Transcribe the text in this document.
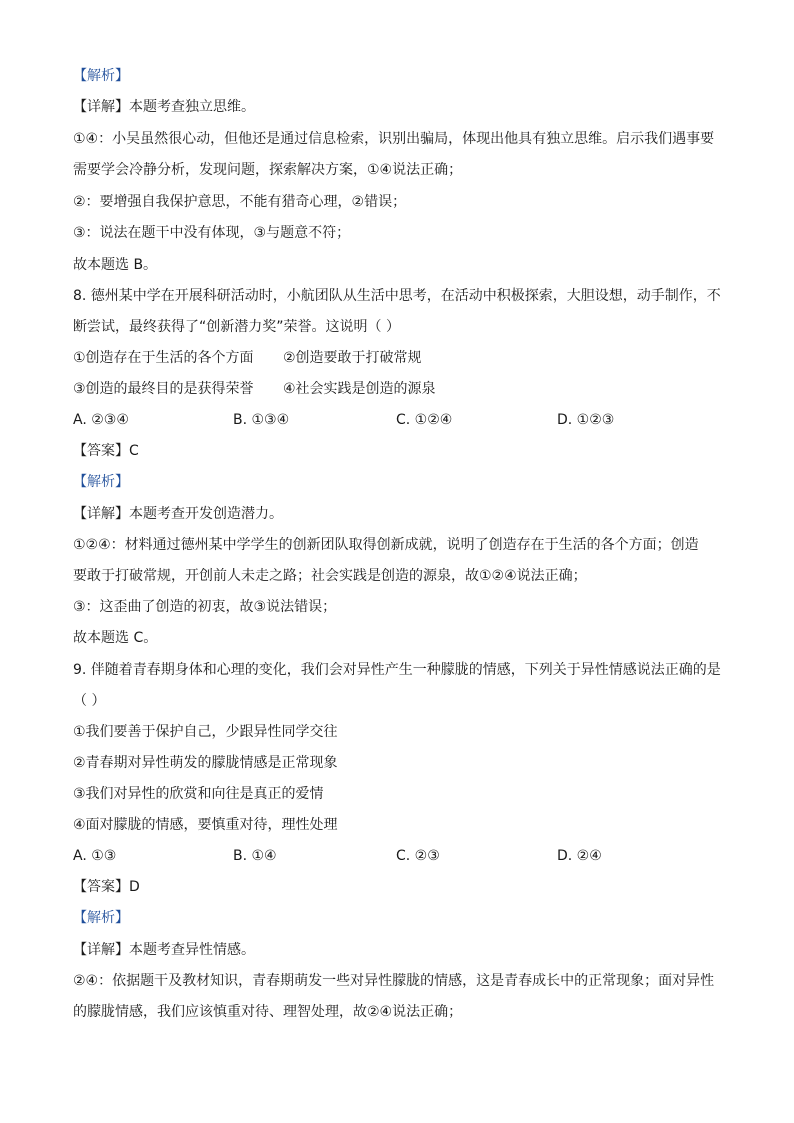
【解析】
【详解】本题考查独立思维。
①④：小吴虽然很心动，但他还是通过信息检索，识别出骗局，体现出他具有独立思维。启示我们遇事要
需要学会冷静分析，发现问题，探索解决方案，①④说法正确；
②：要增强自我保护意思，不能有猎奇心理，②错误；
③：说法在题干中没有体现，③与题意不符；
故本题选 B。
8. 德州某中学在开展科研活动时，小航团队从生活中思考，在活动中积极探索，大胆设想，动手制作，不
断尝试，最终获得了“创新潜力奖”荣誉。这说明（ ）
①创造存在于生活的各个方面 ②创造要敢于打破常规
③创造的最终目的是获得荣誉 ④社会实践是创造的源泉
A. ②③④	B. ①③④	C. ①②④	D. ①②③
【答案】C
【解析】
【详解】本题考查开发创造潜力。
①②④：材料通过德州某中学学生的创新团队取得创新成就，说明了创造存在于生活的各个方面；创造
要敢于打破常规，开创前人未走之路；社会实践是创造的源泉，故①②④说法正确；
③：这歪曲了创造的初衷，故③说法错误；
故本题选 C。
9. 伴随着青春期身体和心理的变化，我们会对异性产生一种朦胧的情感，下列关于异性情感说法正确的是
（ ）
①我们要善于保护自己，少跟异性同学交往
②青春期对异性萌发的朦胧情感是正常现象
③我们对异性的欣赏和向往是真正的爱情
④面对朦胧的情感，要慎重对待，理性处理
A. ①③	B. ①④	C. ②③	D. ②④
【答案】D
【解析】
【详解】本题考查异性情感。
②④：依据题干及教材知识，青春期萌发一些对异性朦胧的情感，这是青春成长中的正常现象；面对异性
的朦胧情感，我们应该慎重对待、理智处理，故②④说法正确；
